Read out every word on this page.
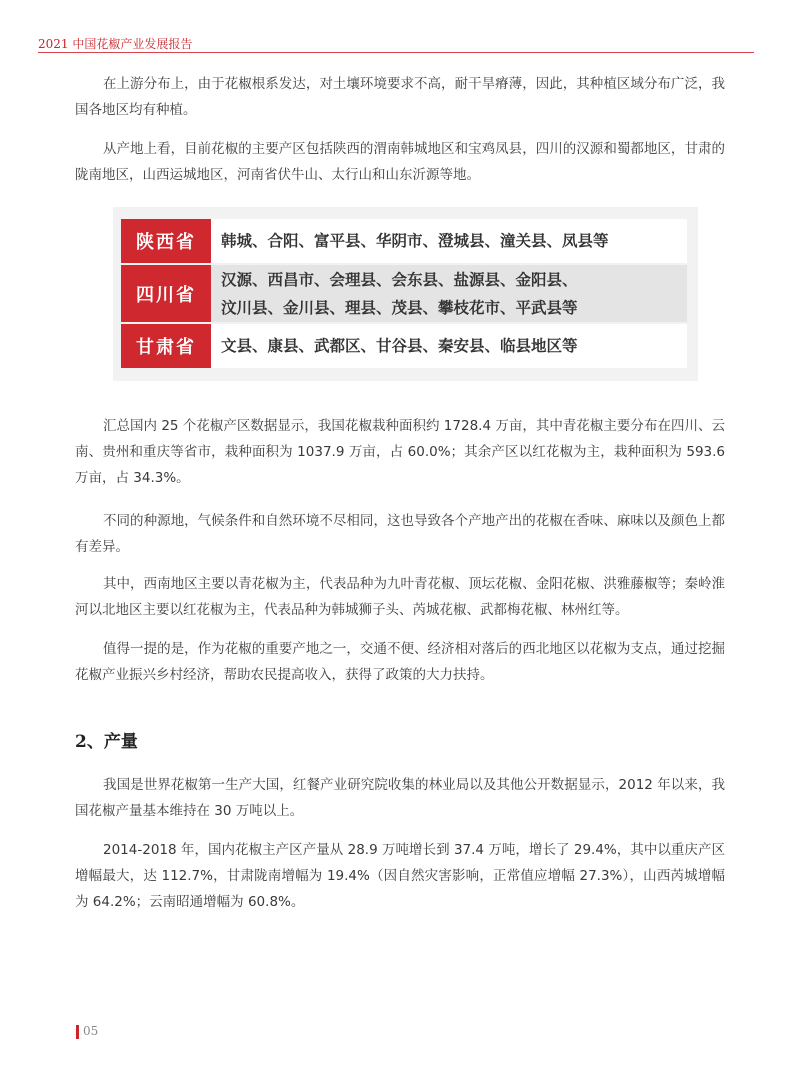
2021 中国花椒产业发展报告

在上游分布上，由于花椒根系发达，对土壤环境要求不高，耐干旱瘠薄，因此，其种植区域分布广泛，我国各地区均有种植。

从产地上看，目前花椒的主要产区包括陕西的渭南韩城地区和宝鸡凤县，四川的汉源和蜀都地区，甘肃的陇南地区，山西运城地区，河南省伏牛山、太行山和山东沂源等地。

陕西省	韩城、合阳、富平县、华阴市、澄城县、潼关县、凤县等
四川省
汉源、西昌市、会理县、会东县、盐源县、金阳县、
汶川县、金川县、理县、茂县、攀枝花市、平武县等
甘肃省	文县、康县、武都区、甘谷县、秦安县、临县地区等

汇总国内 25 个花椒产区数据显示，我国花椒栽种面积约 1728.4 万亩，其中青花椒主要分布在四川、云南、贵州和重庆等省市，栽种面积为 1037.9 万亩，占 60.0%；其余产区以红花椒为主，栽种面积为 593.6 万亩，占 34.3%。

不同的种源地，气候条件和自然环境不尽相同，这也导致各个产地产出的花椒在香味、麻味以及颜色上都有差异。

其中，西南地区主要以青花椒为主，代表品种为九叶青花椒、顶坛花椒、金阳花椒、洪雅藤椒等；秦岭淮河以北地区主要以红花椒为主，代表品种为韩城狮子头、芮城花椒、武都梅花椒、林州红等。

值得一提的是，作为花椒的重要产地之一，交通不便、经济相对落后的西北地区以花椒为支点，通过挖掘花椒产业振兴乡村经济，帮助农民提高收入，获得了政策的大力扶持。

2、产量

我国是世界花椒第一生产大国，红餐产业研究院收集的林业局以及其他公开数据显示，2012 年以来，我国花椒产量基本维持在 30 万吨以上。

2014-2018 年，国内花椒主产区产量从 28.9 万吨增长到 37.4 万吨，增长了 29.4%，其中以重庆产区增幅最大，达 112.7%，甘肃陇南增幅为 19.4%（因自然灾害影响，正常值应增幅 27.3%），山西芮城增幅为 64.2%；云南昭通增幅为 60.8%。

05
